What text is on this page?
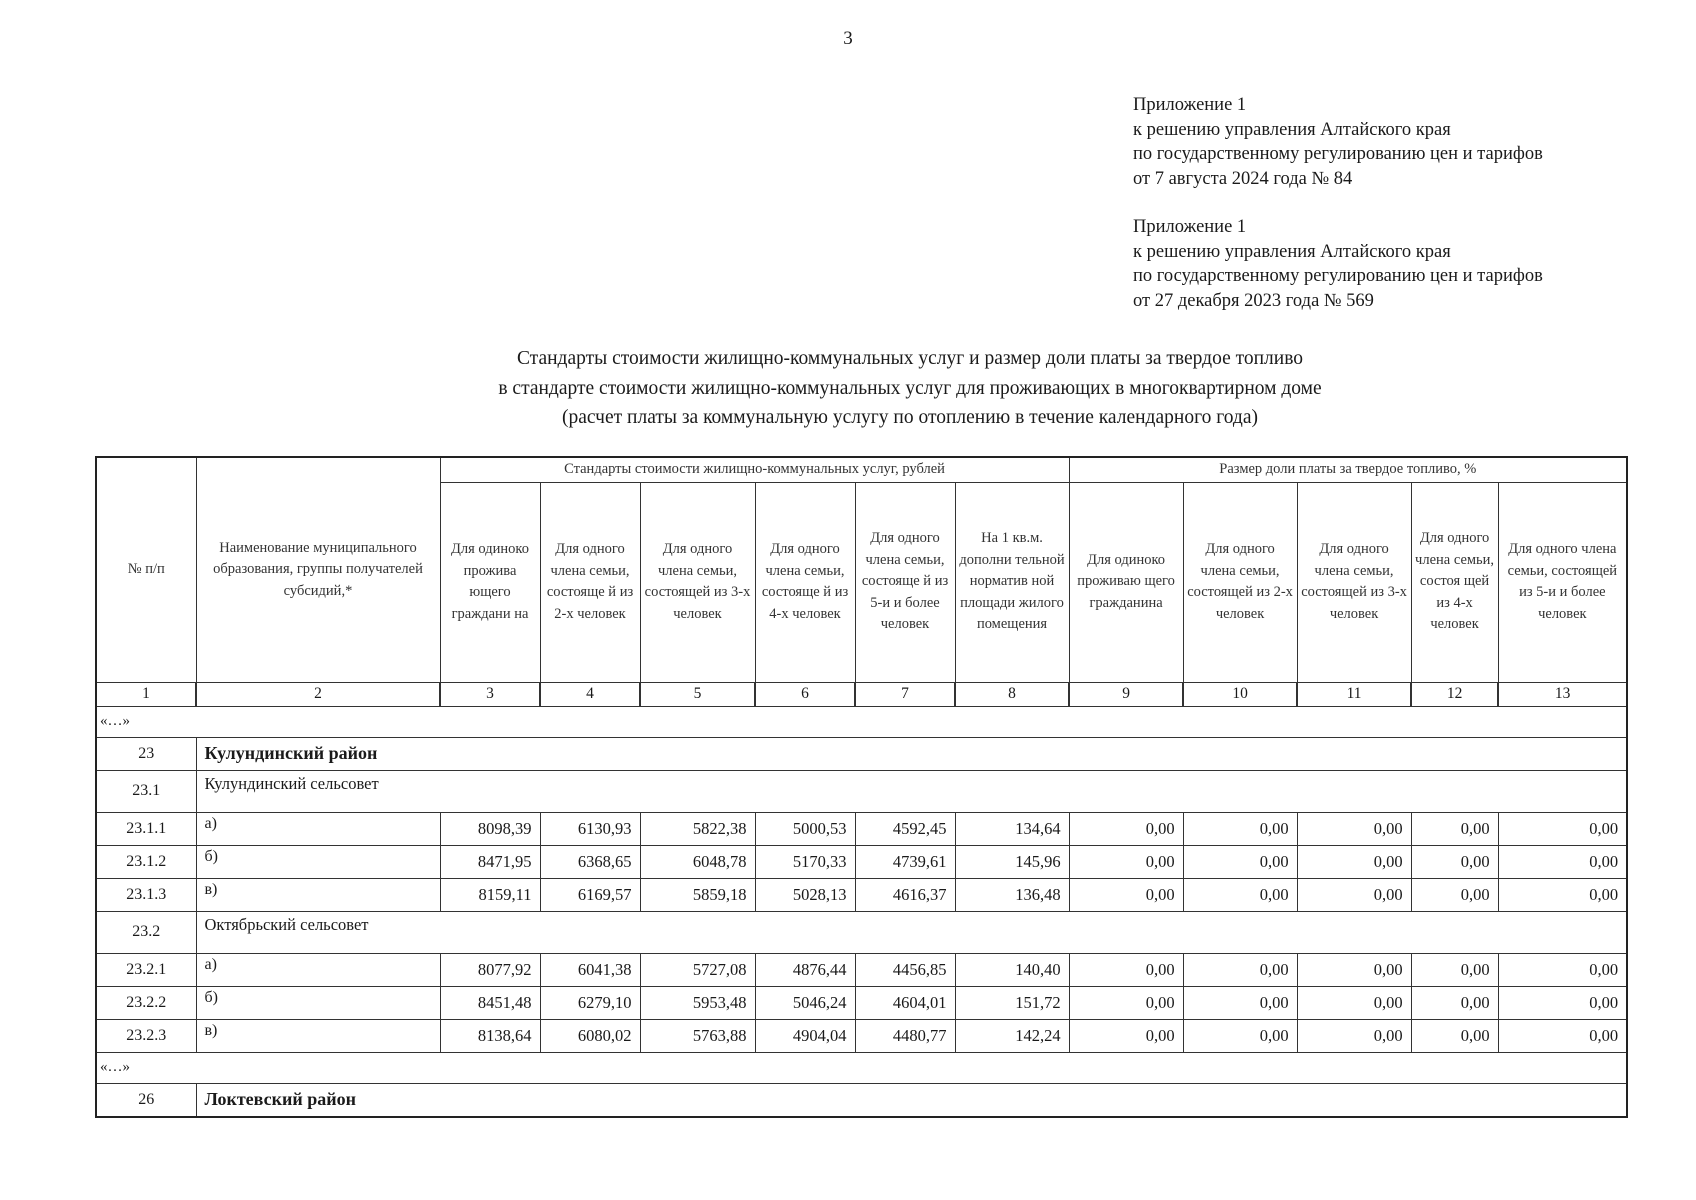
3
Приложение 1
к решению управления Алтайского края
по государственному регулированию цен и тарифов
от 7 августа 2024 года № 84
Приложение 1
к решению управления Алтайского края
по государственному регулированию цен и тарифов
от 27 декабря 2023 года № 569
Стандарты стоимости жилищно-коммунальных услуг и размер доли платы за твердое топливо
в стандарте стоимости жилищно-коммунальных услуг для проживающих в многоквартирном доме
(расчет платы за коммунальную услугу по отоплению в течение календарного года)
№ п/п	Наименование муниципального образования, группы получателей субсидий,*	Стандарты стоимости жилищно-коммунальных услуг, рублей						Размер доли платы за твердое топливо, %				
		Для одиноко прожива ющего граждани на	Для одного члена семьи, состояще й из 2-х человек	Для одного члена семьи, состоящей из 3-х человек	Для одного члена семьи, состояще й из 4-х человек	Для одного члена семьи, состояще й из 5-и и более человек	На 1 кв.м. дополни тельной норматив ной площади жилого помещения	Для одиноко проживаю щего гражданина	Для одного члена семьи, состоящей из 2-х человек	Для одного члена семьи, состоящей из 3-х человек	Для одного члена семьи, состоя щей из 4-х человек	Для одного члена семьи, состоящей из 5-и и более человек
1	2	3	4	5	6	7	8	9	10	11	12	13
«…»												
23	Кулундинский район											
23.1	Кулундинский сельсовет											
23.1.1	а)	8098,39	6130,93	5822,38	5000,53	4592,45	134,64	0,00	0,00	0,00	0,00	0,00
23.1.2	б)	8471,95	6368,65	6048,78	5170,33	4739,61	145,96	0,00	0,00	0,00	0,00	0,00
23.1.3	в)	8159,11	6169,57	5859,18	5028,13	4616,37	136,48	0,00	0,00	0,00	0,00	0,00
23.2	Октябрьский сельсовет											
23.2.1	а)	8077,92	6041,38	5727,08	4876,44	4456,85	140,40	0,00	0,00	0,00	0,00	0,00
23.2.2	б)	8451,48	6279,10	5953,48	5046,24	4604,01	151,72	0,00	0,00	0,00	0,00	0,00
23.2.3	в)	8138,64	6080,02	5763,88	4904,04	4480,77	142,24	0,00	0,00	0,00	0,00	0,00
«…»												
26	Локтевский район											
